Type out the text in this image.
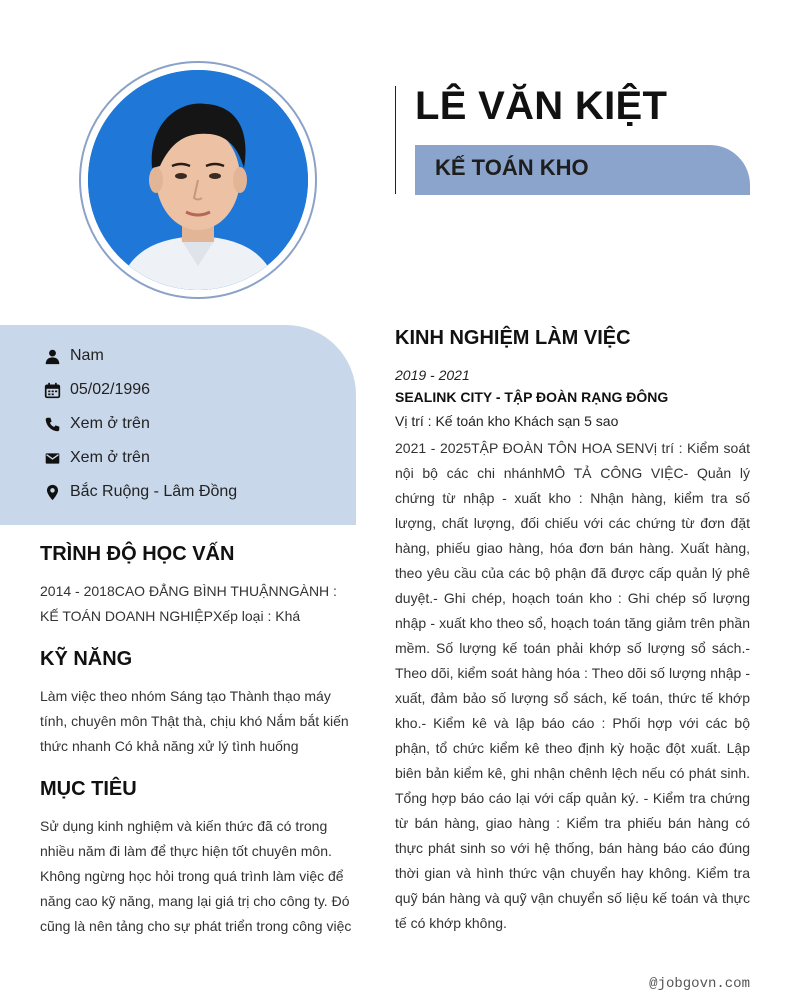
LÊ VĂN KIỆT
KẾ TOÁN KHO
Nam
05/02/1996
Xem ở trên
Xem ở trên
Bắc Ruộng - Lâm Đồng
TRÌNH ĐỘ HỌC VẤN
2014 - 2018CAO ĐẲNG BÌNH THUẬNNGÀNH : KẾ TOÁN DOANH NGHIỆPXếp loại : Khá
KỸ NĂNG
Làm việc theo nhóm Sáng tạo Thành thạo máy tính, chuyên môn Thật thà, chịu khó Nắm bắt kiến thức nhanh Có khả năng xử lý tình huống
MỤC TIÊU
Sử dụng kinh nghiệm và kiến thức đã có trong nhiều năm đi làm để thực hiện tốt chuyên môn. Không ngừng học hỏi trong quá trình làm việc để năng cao kỹ năng, mang lại giá trị cho công ty. Đó cũng là nên tảng cho sự phát triển trong công việc
KINH NGHIỆM LÀM VIỆC
2019 - 2021
SEALINK CITY - TẬP ĐOÀN RẠNG ĐÔNG
Vị trí : Kế toán kho Khách sạn 5 sao
2021 - 2025TẬP ĐOÀN TÔN HOA SENVị trí : Kiểm soát nội bộ các chi nhánhMÔ TẢ CÔNG VIỆC- Quản lý chứng từ nhập - xuất kho : Nhận hàng, kiểm tra số lượng, chất lượng, đối chiếu với các chứng từ đơn đặt hàng, phiếu giao hàng, hóa đơn bán hàng. Xuất hàng, theo yêu cầu của các bộ phận đã được cấp quản lý phê duyệt.- Ghi chép, hoạch toán kho : Ghi chép số lượng nhập - xuất kho theo sổ, hoạch toán tăng giảm trên phần mềm. Số lượng kế toán phải khớp số lượng sổ sách.- Theo dõi, kiểm soát hàng hóa : Theo dõi số lượng nhập - xuất, đảm bảo số lượng sổ sách, kế toán, thức tế khớp kho.- Kiểm kê và lập báo cáo : Phối hợp với các bộ phận, tổ chức kiểm kê theo định kỳ hoặc đột xuất. Lập biên bản kiểm kê, ghi nhận chênh lệch nếu có phát sinh. Tổng hợp báo cáo lại với cấp quản ký. - Kiểm tra chứng từ bán hàng, giao hàng : Kiểm tra phiếu bán hàng có thực phát sinh so với hệ thống, bán hàng báo cáo đúng thời gian và hình thức vận chuyển hay không. Kiểm tra quỹ bán hàng và quỹ vận chuyển số liệu kế toán và thực tế có khớp không.
@jobgovn.com
